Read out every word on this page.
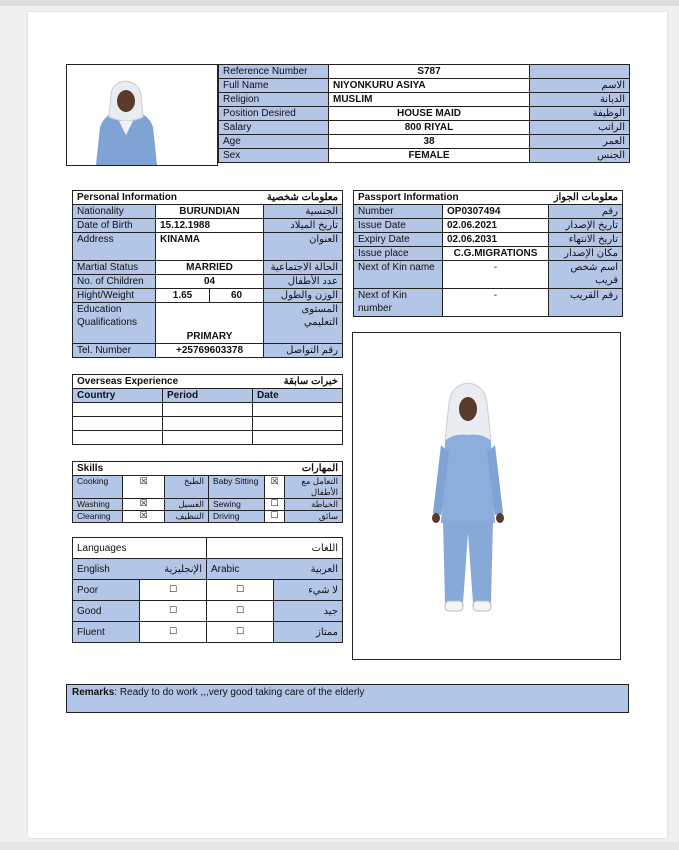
Reference Number	S787	
Full Name	NIYONKURU ASIYA	الاسم
Religion	MUSLIM	الديانة
Position Desired	HOUSE MAID	الوظيفة
Salary	800 RIYAL	الراتب
Age	38	العمر
Sex	FEMALE	الجنس
Personal Information		معلومات شخصية	
Nationality	BURUNDIAN		الجنسية
Date of Birth	15.12.1988		تاريخ الميلاد
Address	KINAMA		العنوان
Martial Status	MARRIED		الحالة الاجتماعية
No. of Children	04		عدد الأطفال
Hight/Weight	1.65	60	الوزن والطول
Education Qualifications	PRIMARY		المستوى التعليمي
Tel. Number	+25769603378		رقم التواصل
Passport Information		معلومات الجواز
Number	OP0307494	رقم
Issue Date	02.06.2021	تاريخ الإصدار
Expiry Date	02.06.2031	تاريخ الانتهاء
Issue place	C.G.MIGRATIONS	مكان الإصدار
Next of Kin name	-	اسم شخص قريب
Next of Kin number	-	رقم القريب
Overseas Experience		خبرات سابقة
Country	Period	Date

Skills			المهارات		
Cooking	☒	الطبخ	Baby Sitting	☒	التعامل مع الأطفال
Washing	☒	الغسيل	Sewing	☐	الخياطة
Cleaning	☒	التنظيف	Driving	☐	سائق
Languages		اللغات	
English	الإنجليزية	Arabic	العربية
Poor	☐	☐	لا شيء
Good	☐	☐	جيد
Fluent	☐	☐	ممتاز
Remarks: Ready to do work ,,,very good taking care of the elderly
